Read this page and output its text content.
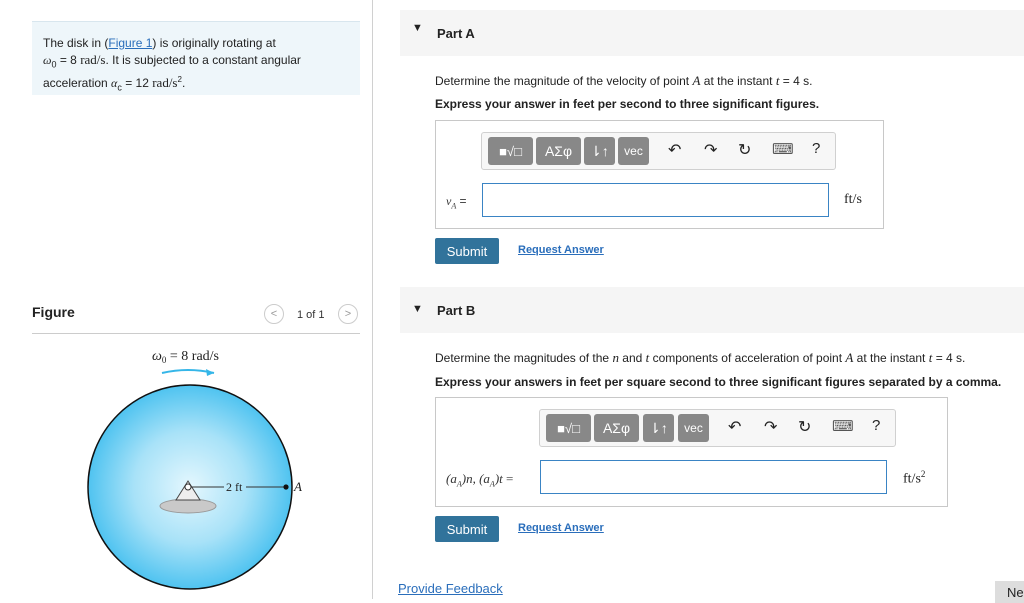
The disk in (Figure 1) is originally rotating at
$\omega_0 = 8$ rad/s. It is subjected to a constant angular
acceleration $\alpha_c = 12$ rad/$s^2$.
Figure	<	1 of 1	>
$\omega_0 = 8$ rad/s
2 ft	A
▼ Part A
Determine the magnitude of the velocity of point A at the instant t = 4 s.
Express your answer in feet per second to three significant figures.
■√□	ΑΣφ	⇂↑	vec	↶ ↷ ↻ ⌨ ?
$v_A$ =	ft/s
Submit	Request Answer
▼ Part B
Determine the magnitudes of the n and t components of acceleration of point A at the instant t = 4 s.
Express your answers in feet per square second to three significant figures separated by a comma.
■√□	ΑΣφ	⇂↑	vec	↶ ↷ ↻ ⌨ ?
$(a_A)n$, $(a_A)t$ =	$ft/s^2$
Submit	Request Answer
Provide Feedback	Ne
